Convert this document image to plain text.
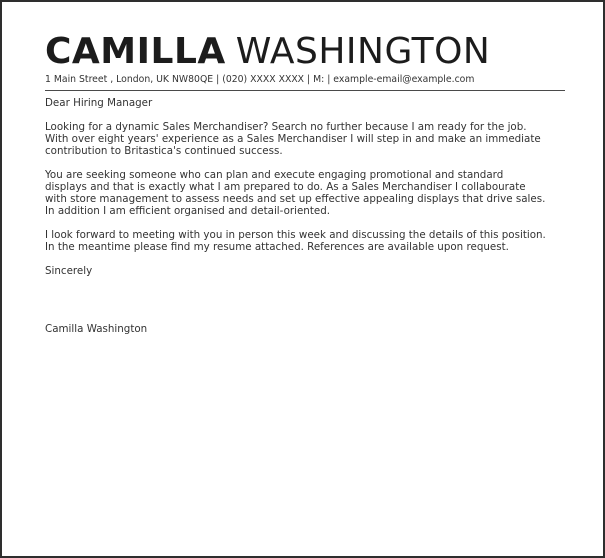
CAMILLA WASHINGTON
1 Main Street , London, UK NW80QE | (020) XXXX XXXX | M: | example-email@example.com
Dear Hiring Manager
Looking for a dynamic Sales Merchandiser? Search no further because I am ready for the job.
With over eight years' experience as a Sales Merchandiser I will step in and make an immediate
contribution to Britastica's continued success.
You are seeking someone who can plan and execute engaging promotional and standard
displays and that is exactly what I am prepared to do. As a Sales Merchandiser I collabourate
with store management to assess needs and set up effective appealing displays that drive sales.
In addition I am efficient organised and detail-oriented.
I look forward to meeting with you in person this week and discussing the details of this position.
In the meantime please find my resume attached. References are available upon request.
Sincerely
Camilla Washington
